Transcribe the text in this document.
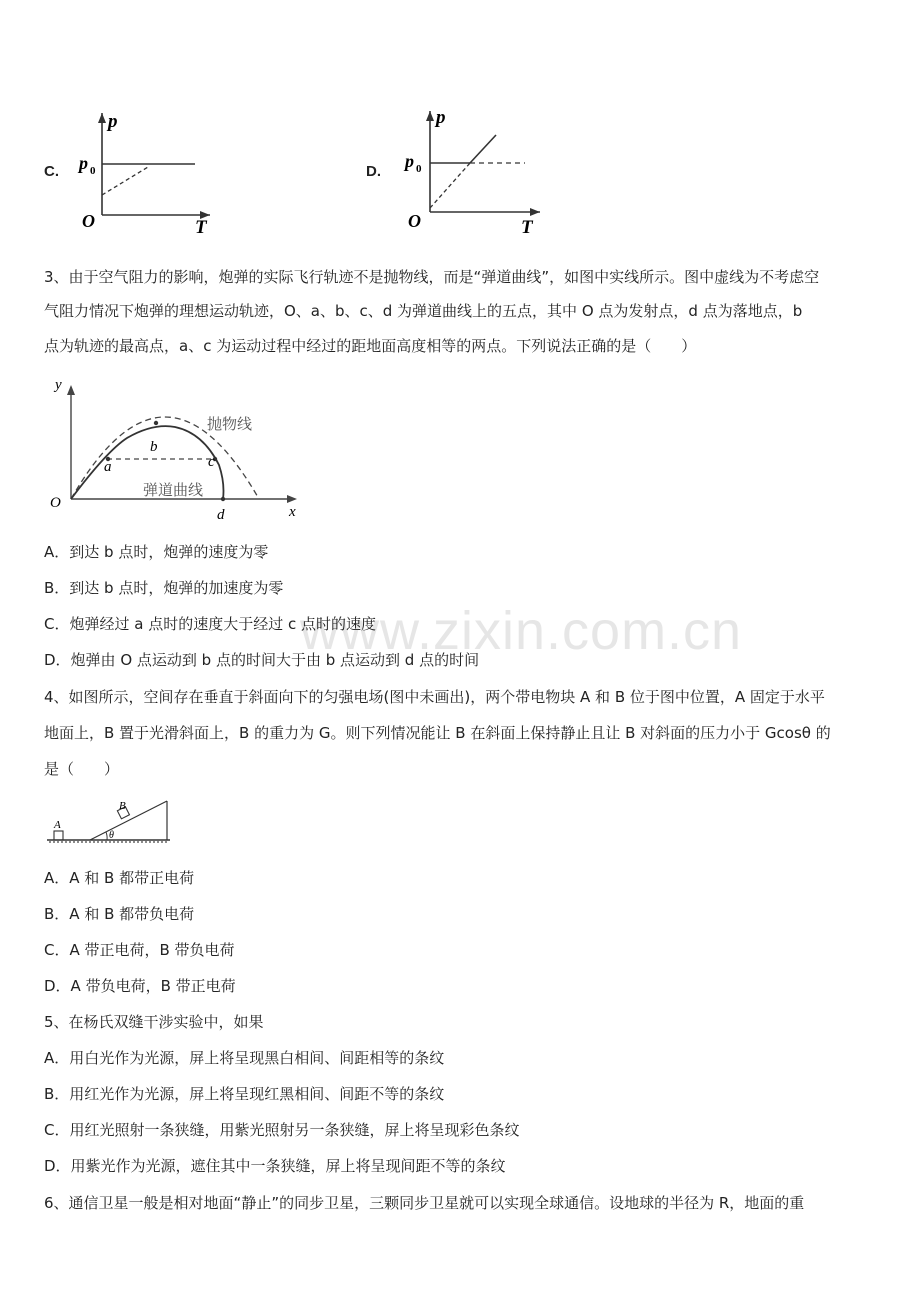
www.zixin.com.cn
C.
p
T
O
p 0	D.
p
T
O
p 0
3、由于空气阻力的影响，炮弹的实际飞行轨迹不是抛物线，而是“弹道曲线”，如图中实线所示。图中虚线为不考虑空
气阻力情况下炮弹的理想运动轨迹，O、a、b、c、d 为弹道曲线上的五点，其中 O 点为发射点，d 点为落地点，b
点为轨迹的最高点，a、c 为运动过程中经过的距地面高度相等的两点。下列说法正确的是（　　）
y
x
O
a
b
c
d
抛物线
弹道曲线
A．到达 b 点时，炮弹的速度为零
B．到达 b 点时，炮弹的加速度为零
C．炮弹经过 a 点时的速度大于经过 c 点时的速度
D．炮弹由 O 点运动到 b 点的时间大于由 b 点运动到 d 点的时间
4、如图所示，空间存在垂直于斜面向下的匀强电场(图中未画出)，两个带电物块 A 和 B 位于图中位置，A 固定于水平
地面上，B 置于光滑斜面上，B 的重力为 G。则下列情况能让 B 在斜面上保持静止且让 B 对斜面的压力小于 Gcosθ 的
是（　　）
A
B
θ
A．A 和 B 都带正电荷
B．A 和 B 都带负电荷
C．A 带正电荷，B 带负电荷
D．A 带负电荷，B 带正电荷
5、在杨氏双缝干涉实验中，如果
A．用白光作为光源，屏上将呈现黑白相间、间距相等的条纹
B．用红光作为光源，屏上将呈现红黑相间、间距不等的条纹
C．用红光照射一条狭缝，用紫光照射另一条狭缝，屏上将呈现彩色条纹
D．用紫光作为光源，遮住其中一条狭缝，屏上将呈现间距不等的条纹
6、通信卫星一般是相对地面“静止”的同步卫星，三颗同步卫星就可以实现全球通信。设地球的半径为 R，地面的重
